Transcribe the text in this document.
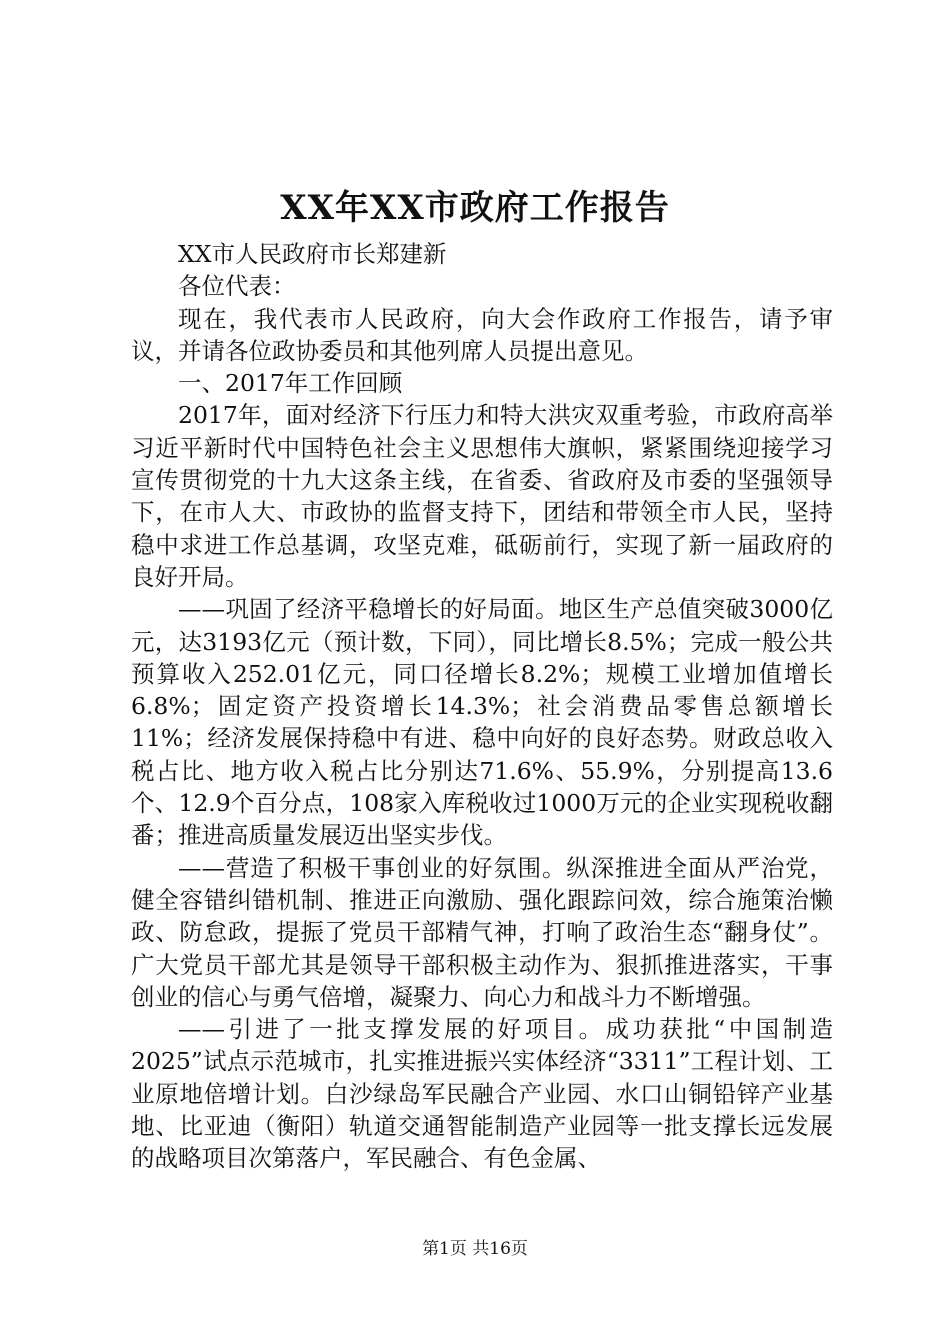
XX年XX市政府工作报告

XX市人民政府市长郑建新

各位代表：

现在，我代表市人民政府，向大会作政府工作报告，请予审议，并请各位政协委员和其他列席人员提出意见。

一、2017年工作回顾

2017年，面对经济下行压力和特大洪灾双重考验，市政府高举习近平新时代中国特色社会主义思想伟大旗帜，紧紧围绕迎接学习宣传贯彻党的十九大这条主线，在省委、省政府及市委的坚强领导下，在市人大、市政协的监督支持下，团结和带领全市人民，坚持稳中求进工作总基调，攻坚克难，砥砺前行，实现了新一届政府的良好开局。

——巩固了经济平稳增长的好局面。地区生产总值突破3000亿元，达3193亿元（预计数，下同），同比增长8.5%；完成一般公共预算收入252.01亿元，同口径增长8.2%；规模工业增加值增长6.8%；固定资产投资增长14.3%；社会消费品零售总额增长11%；经济发展保持稳中有进、稳中向好的良好态势。财政总收入税占比、地方收入税占比分别达71.6%、55.9%，分别提高13.6个、12.9个百分点，108家入库税收过1000万元的企业实现税收翻番；推进高质量发展迈出坚实步伐。

——营造了积极干事创业的好氛围。纵深推进全面从严治党，健全容错纠错机制、推进正向激励、强化跟踪问效，综合施策治懒政、防怠政，提振了党员干部精气神，打响了政治生态“翻身仗”。广大党员干部尤其是领导干部积极主动作为、狠抓推进落实，干事创业的信心与勇气倍增，凝聚力、向心力和战斗力不断增强。

——引进了一批支撑发展的好项目。成功获批“中国制造2025”试点示范城市，扎实推进振兴实体经济“3311”工程计划、工业原地倍增计划。白沙绿岛军民融合产业园、水口山铜铅锌产业基地、比亚迪（衡阳）轨道交通智能制造产业园等一批支撑长远发展的战略项目次第落户，军民融合、有色金属、

第1页 共16页
